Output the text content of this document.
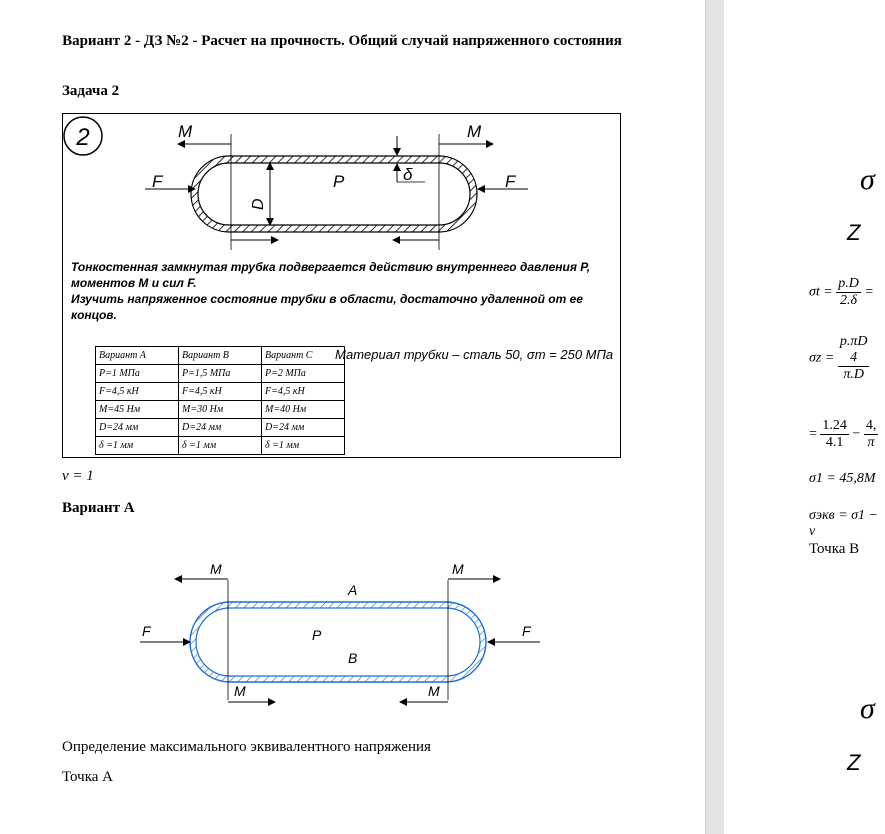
Вариант 2 - ДЗ №2 - Расчет на прочность. Общий случай напряженного состояния
Задача 2
2	M	M
F	F
P
D
δ
Тонкостенная замкнутая трубка подвергается действию внутреннего давления P,
моментов M и сил F.
Изучить напряженное состояние трубки в области, достаточно удаленной от ее концов.
Вариант A	Вариант B	Вариант C
P=1 МПа	P=1,5 МПа	P=2 МПа
F=4,5 кН	F=4,5 кН	F=4,5 кН
M=45 Нм	M=30 Нм	M=40 Нм
D=24 мм	D=24 мм	D=24 мм
δ =1 мм	δ =1 мм	δ =1 мм
Материал трубки – сталь 50, σт = 250 МПа
ν = 1
Вариант А
M	M
M	M
F	F
A
B
P
Определение максимального эквивалентного напряжения
Точка А
σ
Z
$\sigma t = \frac{p.D}{2.\delta}$ =
σz =
p.πD
4
π.D
= $\frac{1.24}{4.1} - \frac{4,}{\pi}$
σ1 = 45,8M
σэкв = σ1 − ν
Точка В
σ
Z
